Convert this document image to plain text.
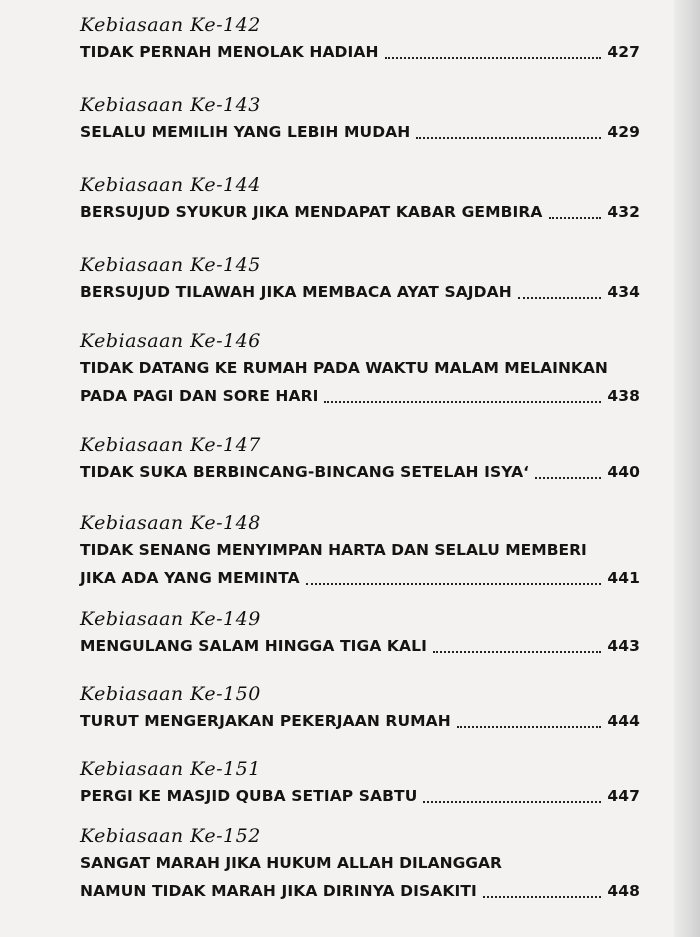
Kebiasaan Ke-142
TIDAK PERNAH MENOLAK HADIAH	427
Kebiasaan Ke-143
SELALU MEMILIH YANG LEBIH MUDAH	429
Kebiasaan Ke-144
BERSUJUD SYUKUR JIKA MENDAPAT KABAR GEMBIRA	432
Kebiasaan Ke-145
BERSUJUD TILAWAH JIKA MEMBACA AYAT SAJDAH	434
Kebiasaan Ke-146
TIDAK DATANG KE RUMAH PADA WAKTU MALAM MELAINKAN
PADA PAGI DAN SORE HARI	438
Kebiasaan Ke-147
TIDAK SUKA BERBINCANG-BINCANG SETELAH ISYA‘	440
Kebiasaan Ke-148
TIDAK SENANG MENYIMPAN HARTA DAN SELALU MEMBERI
JIKA ADA YANG MEMINTA	441
Kebiasaan Ke-149
MENGULANG SALAM HINGGA TIGA KALI	443
Kebiasaan Ke-150
TURUT MENGERJAKAN PEKERJAAN RUMAH	444
Kebiasaan Ke-151
PERGI KE MASJID QUBA SETIAP SABTU	447
Kebiasaan Ke-152
SANGAT MARAH JIKA HUKUM ALLAH DILANGGAR
NAMUN TIDAK MARAH JIKA DIRINYA DISAKITI	448
